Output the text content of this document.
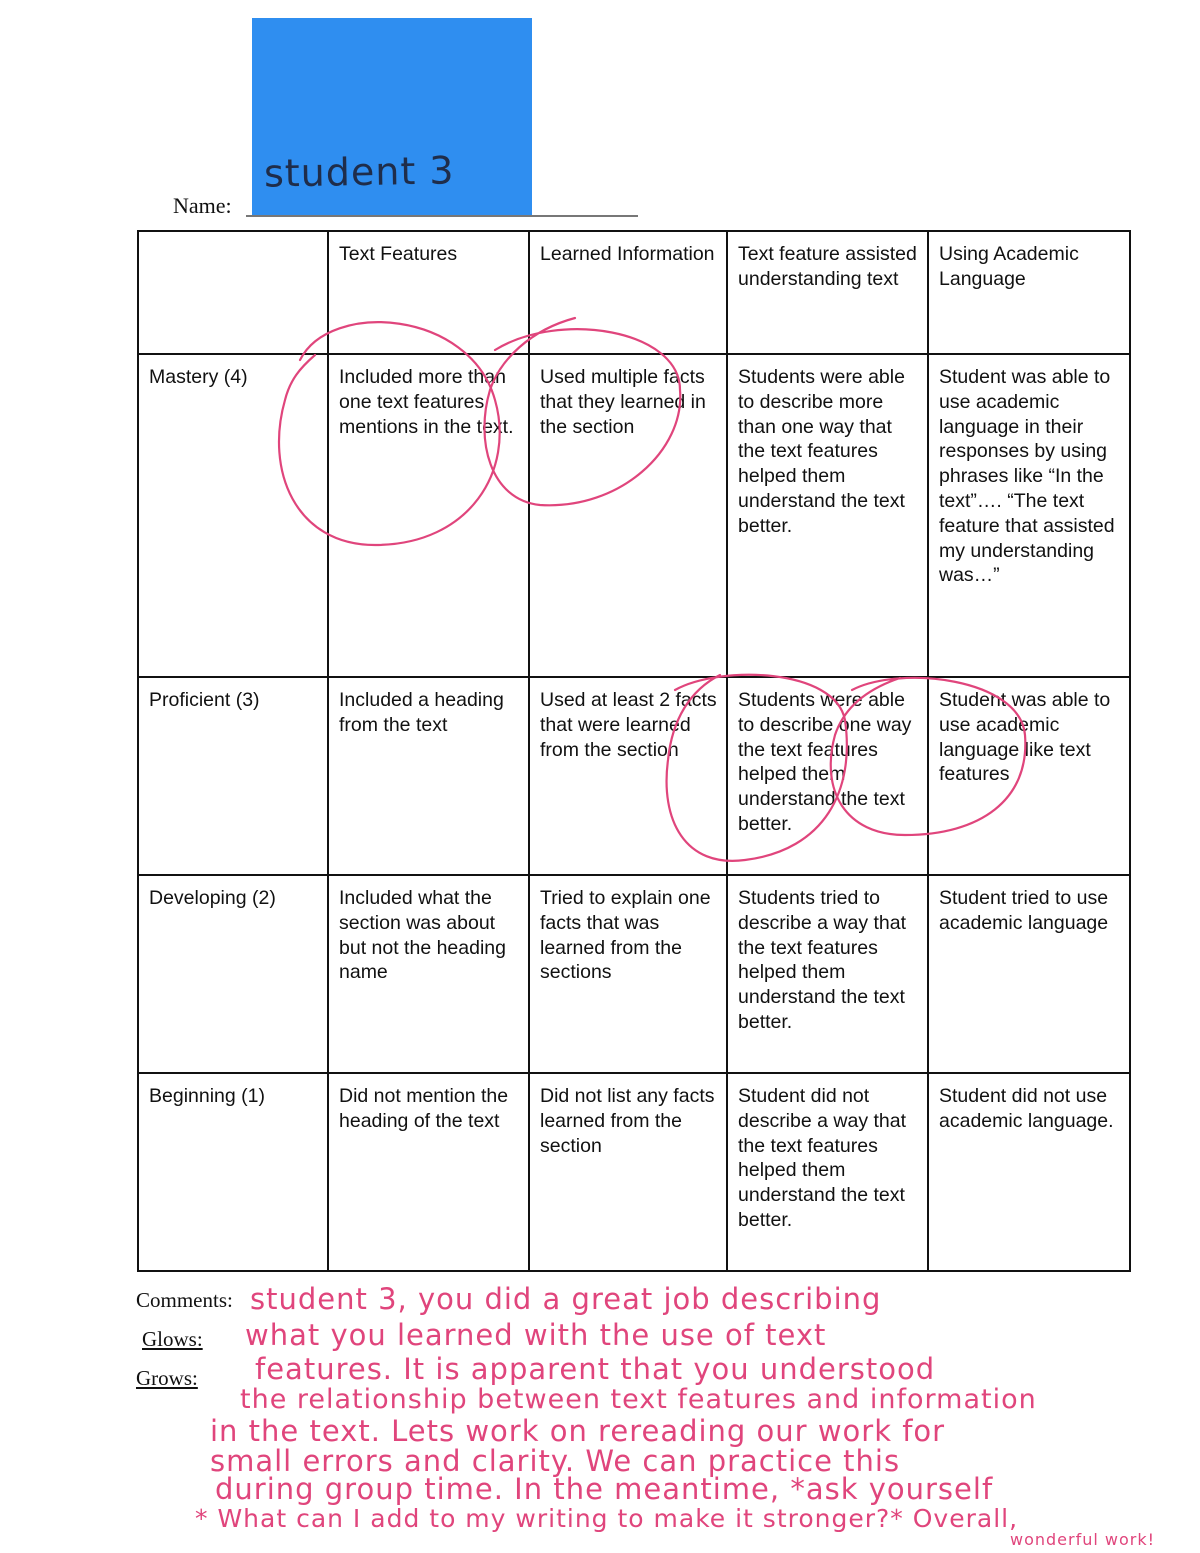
student 3
Name:
	Text Features	Learned Information	Text feature assisted understanding text	Using Academic Language
Mastery (4)	Included more than one text features mentions in the text.	Used multiple facts that they learned in the section	Students were able to describe more than one way that the text features helped them understand the text better.	Student was able to use academic language in their responses by using phrases like “In the text”…. “The text feature that assisted my understanding was…”
Proficient (3)	Included a heading from the text	Used at least 2 facts that were learned from the section	Students were able to describe one way the text features helped them understand the text better.	Student was able to use academic language like text features
Developing (2)	Included what the section was about but not the heading name	Tried to explain one facts that was learned from the sections	Students tried to describe a way that the text features helped them understand the text better.	Student tried to use academic language
Beginning (1)	Did not mention the heading of the text	Did not list any facts learned from the section	Student did not describe a way that the text features helped them understand the text better.	Student did not use academic language.
Comments:
Glows:
Grows:
student 3, you did a great job describing
what you learned with the use of text
features. It is apparent that you understood
the relationship between text features and information
in the text. Lets work on rereading our work for
small errors and clarity. We can practice this
during group time. In the meantime, *ask yourself
* What can I add to my writing to make it stronger?* Overall,
wonderful work!
